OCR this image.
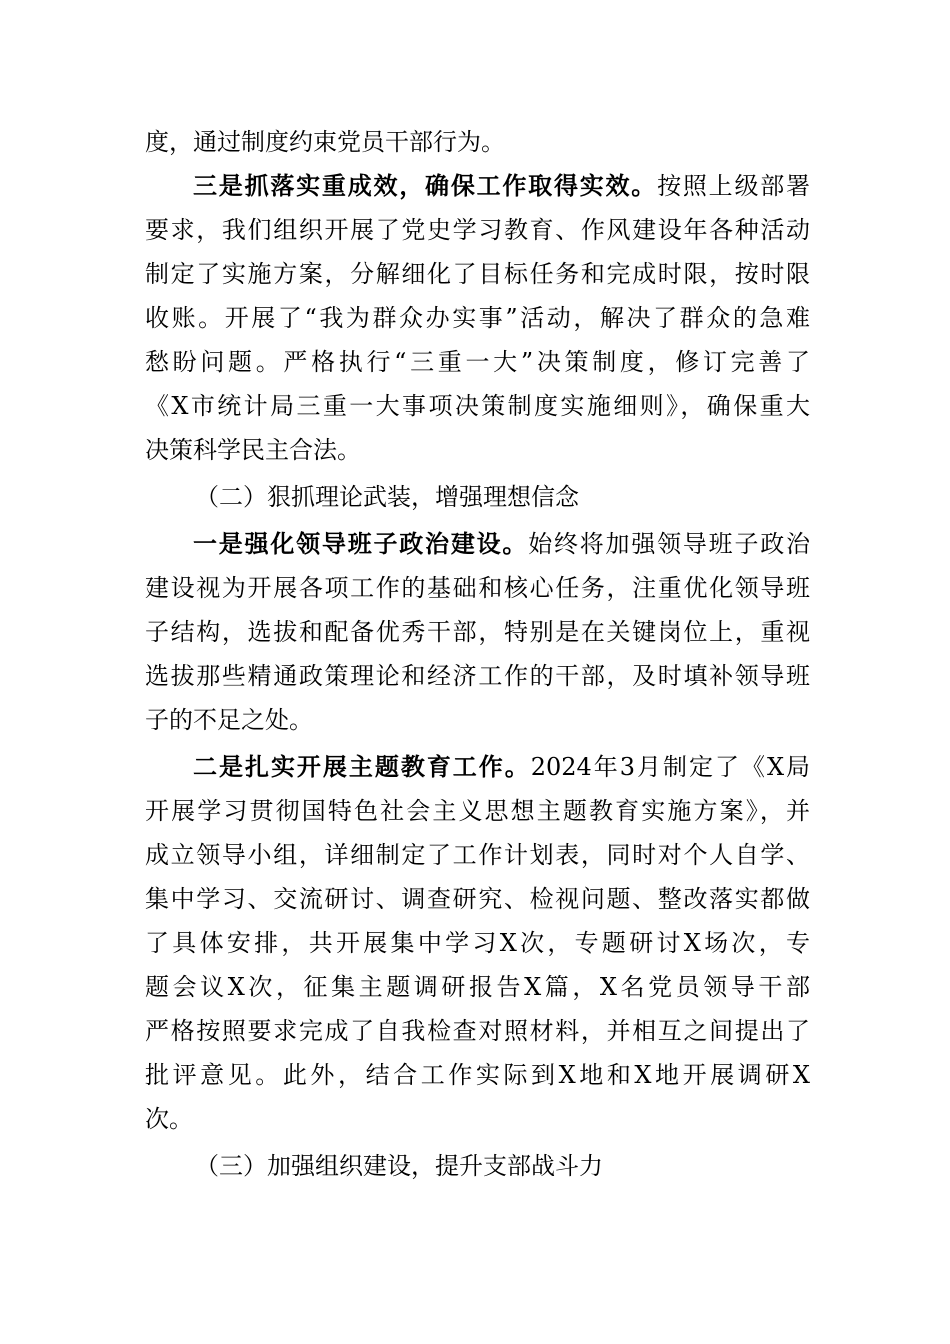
度，通过制度约束党员干部行为。
三是抓落实重成效，确保工作取得实效。按照上级部署
要求，我们组织开展了党史学习教育、作风建设年各种活动
制定了实施方案，分解细化了目标任务和完成时限，按时限
收账。开展了“我为群众办实事”活动，解决了群众的急难
愁盼问题。严格执行“三重一大”决策制度，修订完善了
《X市统计局三重一大事项决策制度实施细则》，确保重大
决策科学民主合法。
（二）狠抓理论武装，增强理想信念
一是强化领导班子政治建设。始终将加强领导班子政治
建设视为开展各项工作的基础和核心任务，注重优化领导班
子结构，选拔和配备优秀干部，特别是在关键岗位上，重视
选拔那些精通政策理论和经济工作的干部，及时填补领导班
子的不足之处。
二是扎实开展主题教育工作。2024年3月制定了《X局
开展学习贯彻国特色社会主义思想主题教育实施方案》，并
成立领导小组，详细制定了工作计划表，同时对个人自学、
集中学习、交流研讨、调查研究、检视问题、整改落实都做
了具体安排，共开展集中学习X次，专题研讨X场次，专
题会议X次，征集主题调研报告X篇，X名党员领导干部
严格按照要求完成了自我检查对照材料，并相互之间提出了
批评意见。此外，结合工作实际到X地和X地开展调研X
次。
（三）加强组织建设，提升支部战斗力
